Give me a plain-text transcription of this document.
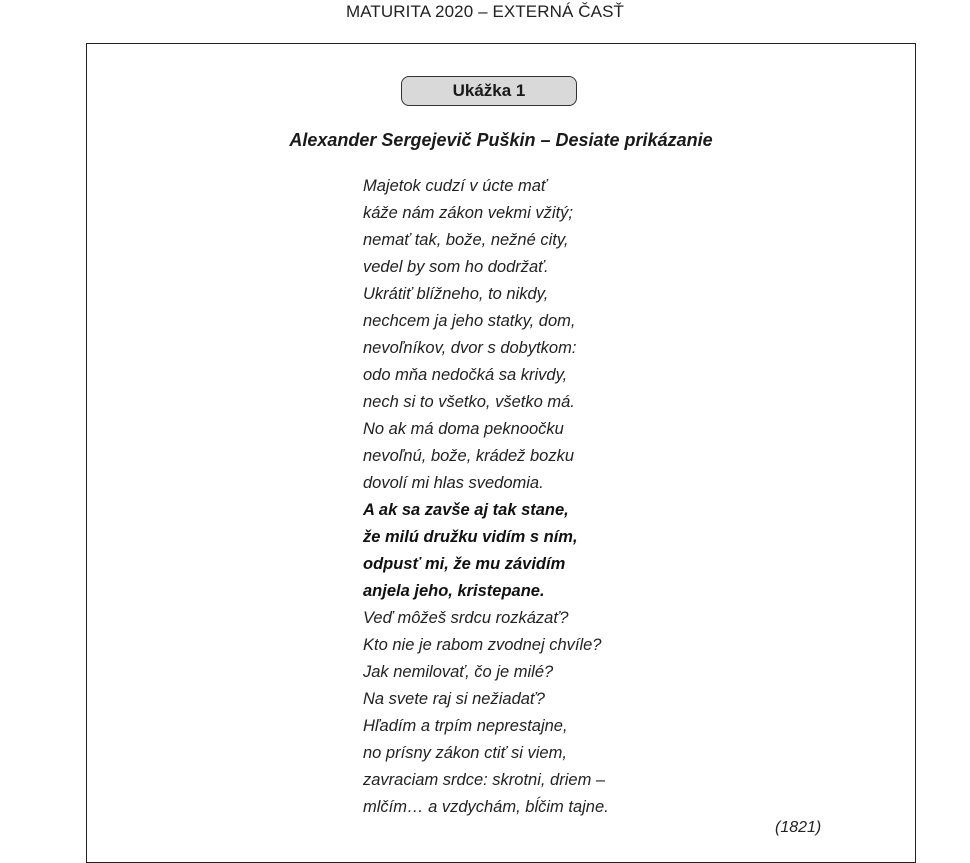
MATURITA 2020 – EXTERNÁ ČASŤ
Ukážka 1
Alexander Sergejevič Puškin – Desiate prikázanie
Majetok cudzí v úcte mať
káže nám zákon vekmi vžitý;
nemať tak, bože, nežné city,
vedel by som ho dodržať.
Ukrátiť blížneho, to nikdy,
nechcem ja jeho statky, dom,
nevoľníkov, dvor s dobytkom:
odo mňa nedočká sa krivdy,
nech si to všetko, všetko má.
No ak má doma peknoočku
nevoľnú, bože, krádež bozku
dovolí mi hlas svedomia.
A ak sa zavše aj tak stane,
že milú družku vidím s ním,
odpusť mi, že mu závidím
anjela jeho, kristepane.
Veď môžeš srdcu rozkázať?
Kto nie je rabom zvodnej chvíle?
Jak nemilovať, čo je milé?
Na svete raj si nežiadať?
Hľadím a trpím neprestajne,
no prísny zákon ctiť si viem,
zavraciam srdce: skrotni, driem –
mlčím… a vzdychám, bĺčim tajne.
(1821)
